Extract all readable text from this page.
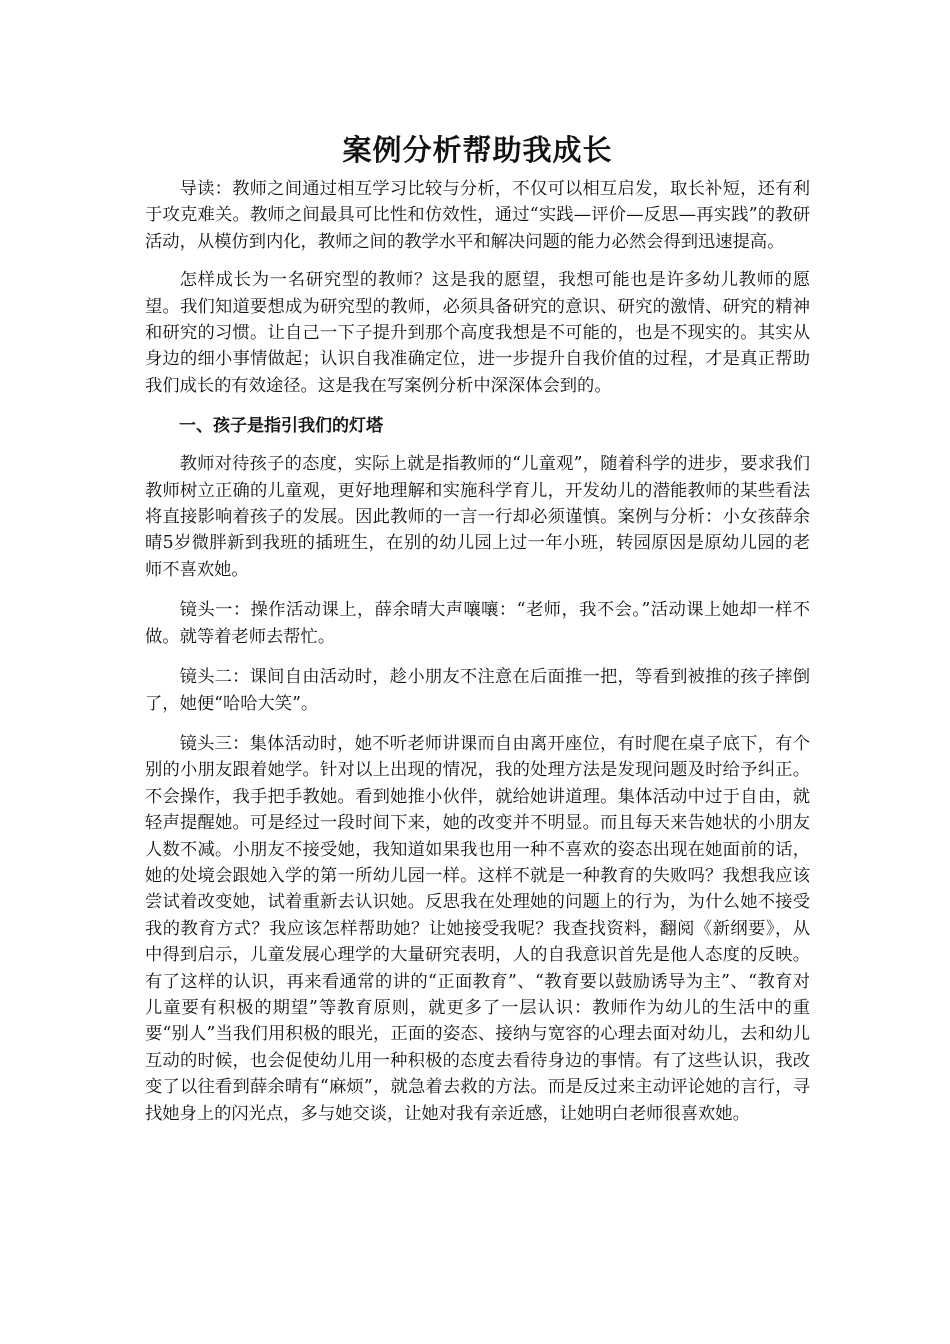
案例分析帮助我成长

导读：教师之间通过相互学习比较与分析，不仅可以相互启发，取长补短，还有利于攻克难关。教师之间最具可比性和仿效性，通过“实践—评价—反思—再实践”的教研活动，从模仿到内化，教师之间的教学水平和解决问题的能力必然会得到迅速提高。

怎样成长为一名研究型的教师？这是我的愿望，我想可能也是许多幼儿教师的愿望。我们知道要想成为研究型的教师，必须具备研究的意识、研究的激情、研究的精神和研究的习惯。让自己一下子提升到那个高度我想是不可能的，也是不现实的。其实从身边的细小事情做起；认识自我准确定位，进一步提升自我价值的过程，才是真正帮助我们成长的有效途径。这是我在写案例分析中深深体会到的。

一、孩子是指引我们的灯塔

教师对待孩子的态度，实际上就是指教师的“儿童观”，随着科学的进步，要求我们教师树立正确的儿童观，更好地理解和实施科学育儿，开发幼儿的潜能教师的某些看法将直接影响着孩子的发展。因此教师的一言一行却必须谨慎。案例与分析：小女孩薛余晴5岁微胖新到我班的插班生，在别的幼儿园上过一年小班，转园原因是原幼儿园的老师不喜欢她。

镜头一：操作活动课上，薛余晴大声嚷嚷：“老师，我不会。”活动课上她却一样不做。就等着老师去帮忙。

镜头二：课间自由活动时，趁小朋友不注意在后面推一把，等看到被推的孩子摔倒了，她便“哈哈大笑”。

镜头三：集体活动时，她不听老师讲课而自由离开座位，有时爬在桌子底下，有个别的小朋友跟着她学。针对以上出现的情况，我的处理方法是发现问题及时给予纠正。不会操作，我手把手教她。看到她推小伙伴，就给她讲道理。集体活动中过于自由，就轻声提醒她。可是经过一段时间下来，她的改变并不明显。而且每天来告她状的小朋友人数不减。小朋友不接受她，我知道如果我也用一种不喜欢的姿态出现在她面前的话，她的处境会跟她入学的第一所幼儿园一样。这样不就是一种教育的失败吗？我想我应该尝试着改变她，试着重新去认识她。反思我在处理她的问题上的行为，为什么她不接受我的教育方式？我应该怎样帮助她？让她接受我呢？我查找资料，翻阅《新纲要》，从中得到启示，儿童发展心理学的大量研究表明，人的自我意识首先是他人态度的反映。有了这样的认识，再来看通常的讲的“正面教育”、“教育要以鼓励诱导为主”、“教育对儿童要有积极的期望”等教育原则，就更多了一层认识：教师作为幼儿的生活中的重要“别人”当我们用积极的眼光，正面的姿态、接纳与宽容的心理去面对幼儿，去和幼儿互动的时候，也会促使幼儿用一种积极的态度去看待身边的事情。有了这些认识，我改变了以往看到薛余晴有“麻烦”，就急着去救的方法。而是反过来主动评论她的言行，寻找她身上的闪光点，多与她交谈，让她对我有亲近感，让她明白老师很喜欢她。
